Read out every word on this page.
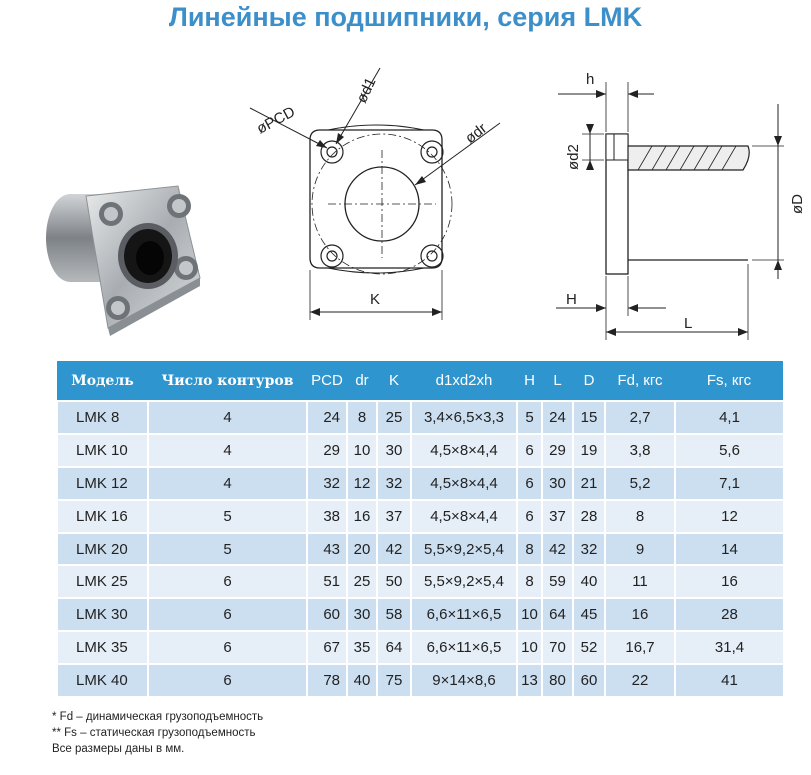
Линейные подшипники, серия LMK
øPCD
ød1
ødr
K
h
ød2
øD
H
L
Модель	Число контуров	PCD	dr	K	d1xd2xh	H	L	D	Fd, кгс	Fs, кгс
LMK 8	4	24	8	25	3,4×6,5×3,3	5	24	15	2,7	4,1
LMK 10	4	29	10	30	4,5×8×4,4	6	29	19	3,8	5,6
LMK 12	4	32	12	32	4,5×8×4,4	6	30	21	5,2	7,1
LMK 16	5	38	16	37	4,5×8×4,4	6	37	28	8	12
LMK 20	5	43	20	42	5,5×9,2×5,4	8	42	32	9	14
LMK 25	6	51	25	50	5,5×9,2×5,4	8	59	40	11	16
LMK 30	6	60	30	58	6,6×11×6,5	10	64	45	16	28
LMK 35	6	67	35	64	6,6×11×6,5	10	70	52	16,7	31,4
LMK 40	6	78	40	75	9×14×8,6	13	80	60	22	41
* Fd – динамическая грузоподъемность
** Fs – статическая грузоподъемность
Все размеры даны в мм.
